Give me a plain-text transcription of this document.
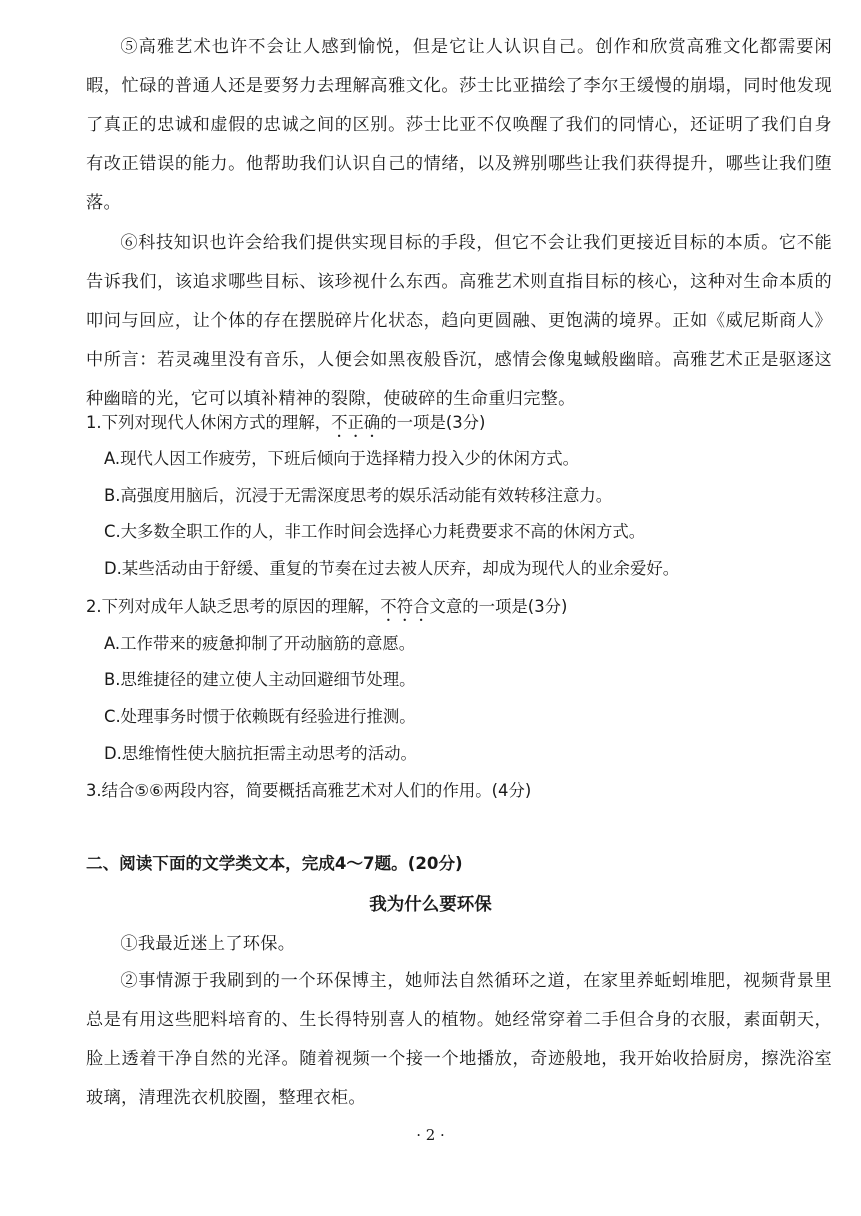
⑤高雅艺术也许不会让人感到愉悦，但是它让人认识自己。创作和欣赏高雅文化都需要闲暇，忙碌的普通人还是要努力去理解高雅文化。莎士比亚描绘了李尔王缓慢的崩塌，同时他发现了真正的忠诚和虚假的忠诚之间的区别。莎士比亚不仅唤醒了我们的同情心，还证明了我们自身有改正错误的能力。他帮助我们认识自己的情绪，以及辨别哪些让我们获得提升，哪些让我们堕落。

⑥科技知识也许会给我们提供实现目标的手段，但它不会让我们更接近目标的本质。它不能告诉我们，该追求哪些目标、该珍视什么东西。高雅艺术则直指目标的核心，这种对生命本质的叩问与回应，让个体的存在摆脱碎片化状态，趋向更圆融、更饱满的境界。正如《威尼斯商人》中所言：若灵魂里没有音乐，人便会如黑夜般昏沉，感情会像鬼蜮般幽暗。高雅艺术正是驱逐这种幽暗的光，它可以填补精神的裂隙，使破碎的生命重归完整。

1.下列对现代人休闲方式的理解，不正确的一项是(3分)
A.现代人因工作疲劳，下班后倾向于选择精力投入少的休闲方式。
B.高强度用脑后，沉浸于无需深度思考的娱乐活动能有效转移注意力。
C.大多数全职工作的人，非工作时间会选择心力耗费要求不高的休闲方式。
D.某些活动由于舒缓、重复的节奏在过去被人厌弃，却成为现代人的业余爱好。
2.下列对成年人缺乏思考的原因的理解，不符合文意的一项是(3分)
A.工作带来的疲惫抑制了开动脑筋的意愿。
B.思维捷径的建立使人主动回避细节处理。
C.处理事务时惯于依赖既有经验进行推测。
D.思维惰性使大脑抗拒需主动思考的活动。
3.结合⑤⑥两段内容，简要概括高雅艺术对人们的作用。(4分)
二、阅读下面的文学类文本，完成4～7题。(20分)
我为什么要环保

①我最近迷上了环保。

②事情源于我刷到的一个环保博主，她师法自然循环之道，在家里养蚯蚓堆肥，视频背景里总是有用这些肥料培育的、生长得特别喜人的植物。她经常穿着二手但合身的衣服，素面朝天，脸上透着干净自然的光泽。随着视频一个接一个地播放，奇迹般地，我开始收拾厨房，擦洗浴室玻璃，清理洗衣机胶圈，整理衣柜。

· 2 ·
